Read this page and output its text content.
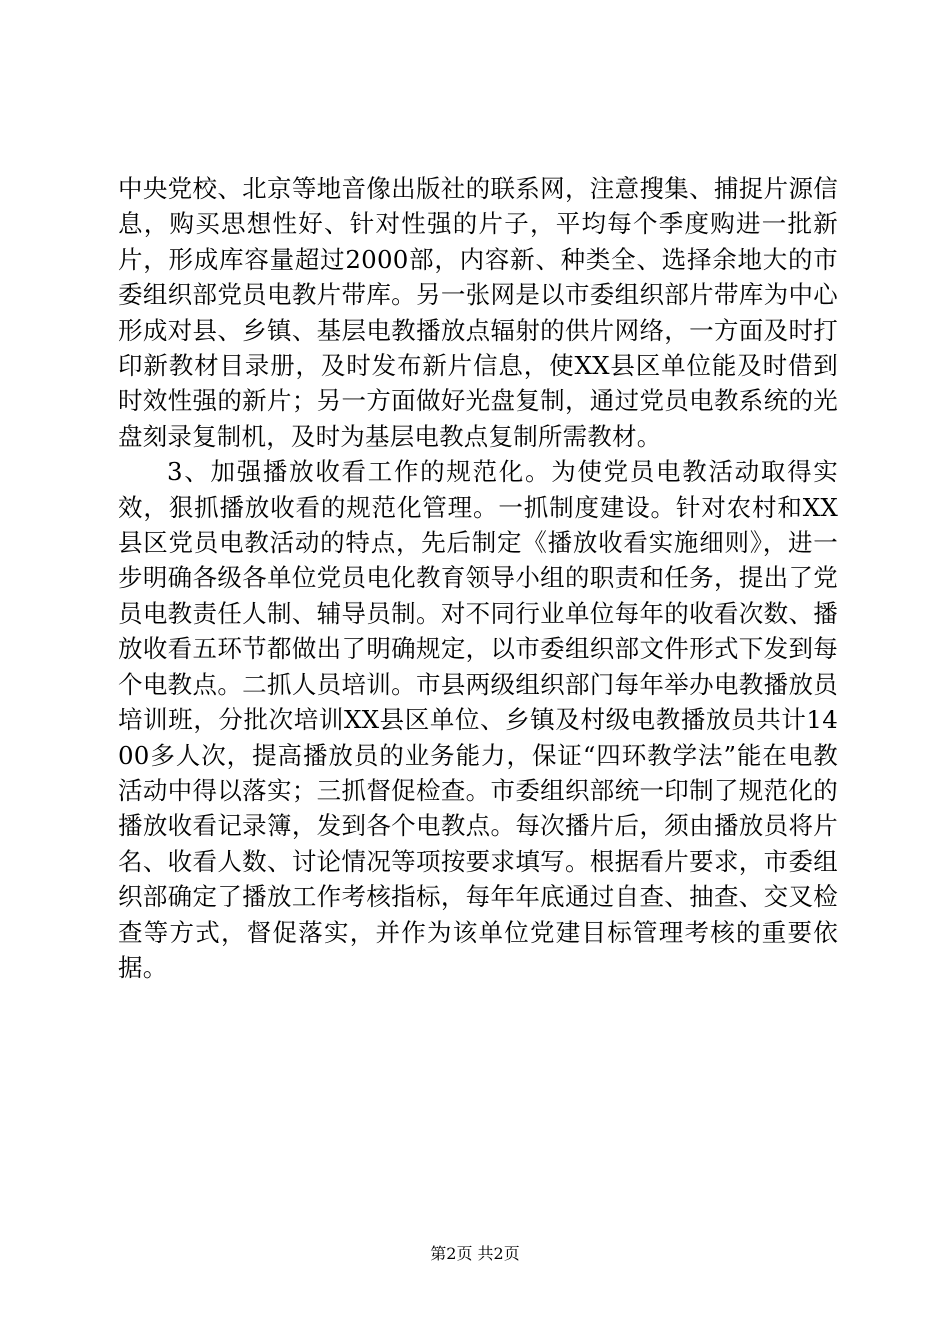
中央党校、北京等地音像出版社的联系网，注意搜集、捕捉片源信息，购买思想性好、针对性强的片子，平均每个季度购进一批新片，形成库容量超过2000部，内容新、种类全、选择余地大的市委组织部党员电教片带库。另一张网是以市委组织部片带库为中心形成对县、乡镇、基层电教播放点辐射的供片网络，一方面及时打印新教材目录册，及时发布新片信息，使XX县区单位能及时借到时效性强的新片；另一方面做好光盘复制，通过党员电教系统的光盘刻录复制机，及时为基层电教点复制所需教材。

3、加强播放收看工作的规范化。为使党员电教活动取得实效，狠抓播放收看的规范化管理。一抓制度建设。针对农村和XX县区党员电教活动的特点，先后制定《播放收看实施细则》，进一步明确各级各单位党员电化教育领导小组的职责和任务，提出了党员电教责任人制、辅导员制。对不同行业单位每年的收看次数、播放收看五环节都做出了明确规定，以市委组织部文件形式下发到每个电教点。二抓人员培训。市县两级组织部门每年举办电教播放员培训班，分批次培训XX县区单位、乡镇及村级电教播放员共计1400多人次，提高播放员的业务能力，保证“四环教学法”能在电教活动中得以落实；三抓督促检查。市委组织部统一印制了规范化的播放收看记录簿，发到各个电教点。每次播片后，须由播放员将片名、收看人数、讨论情况等项按要求填写。根据看片要求，市委组织部确定了播放工作考核指标，每年年底通过自查、抽查、交叉检查等方式，督促落实，并作为该单位党建目标管理考核的重要依据。

第2页 共2页
